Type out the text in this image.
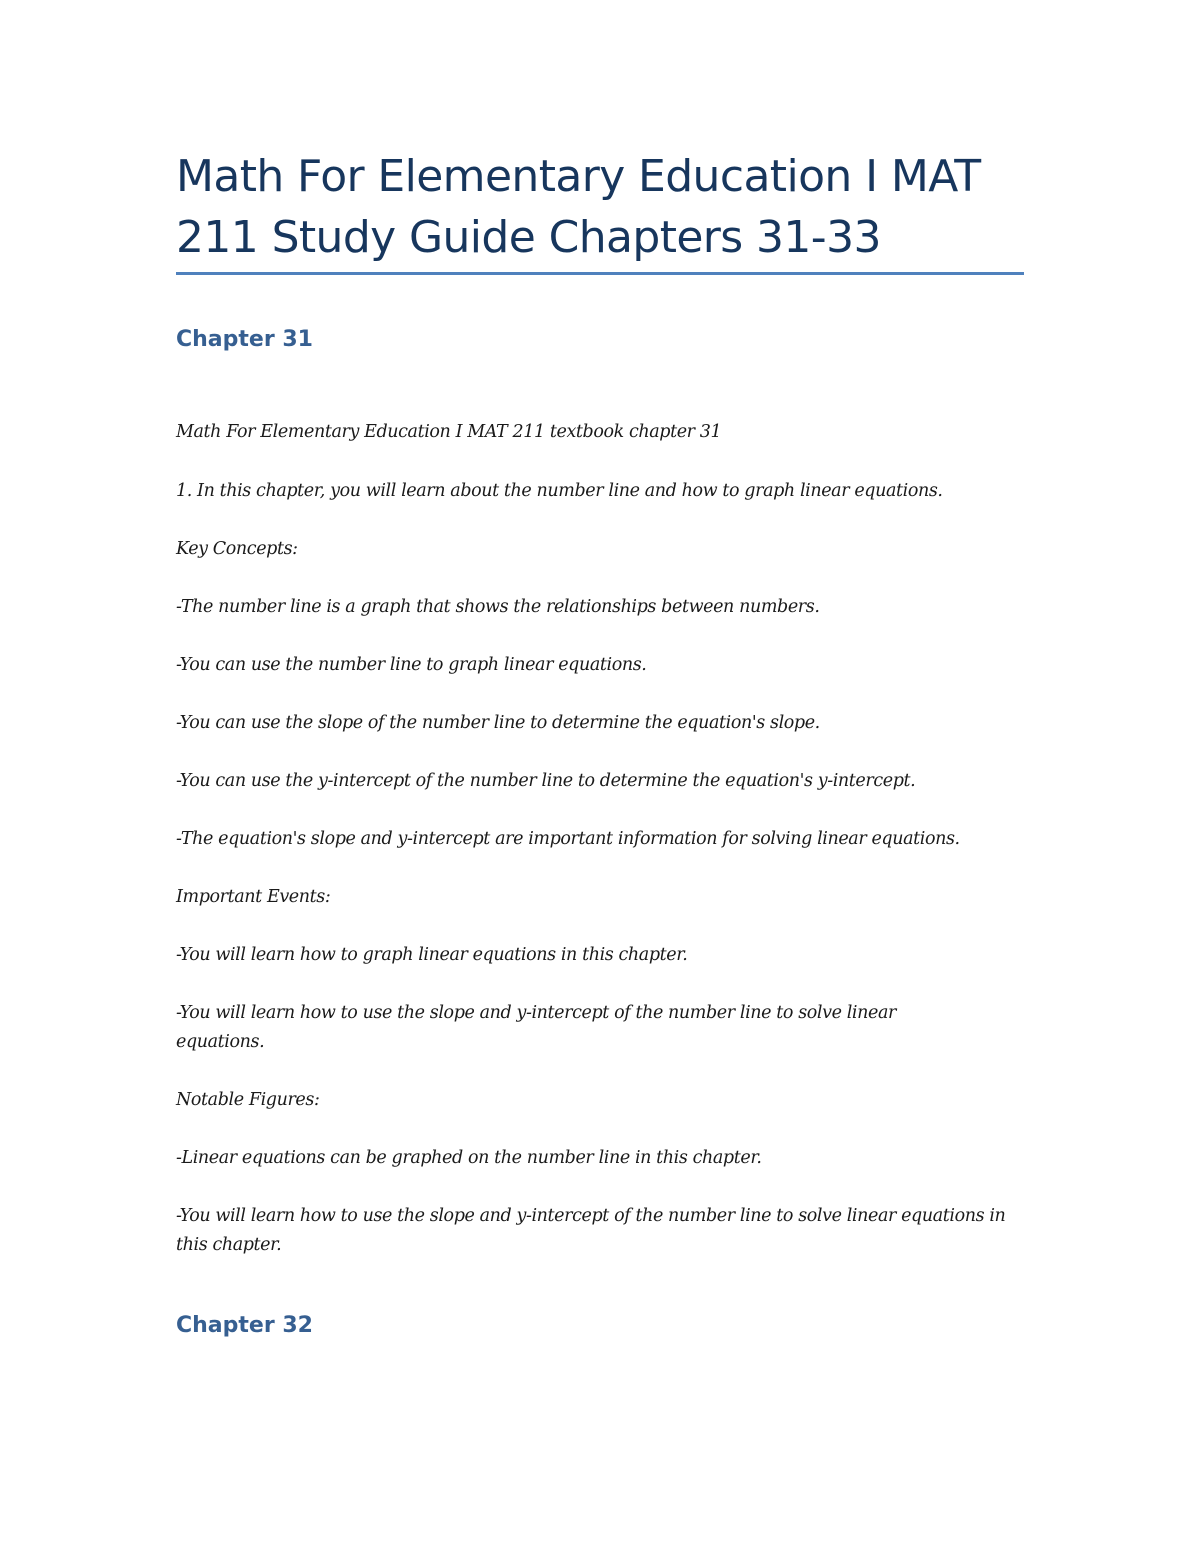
Math For Elementary Education I MAT
211 Study Guide Chapters 31-33
Chapter 31

Math For Elementary Education I MAT 211 textbook chapter 31

1. In this chapter, you will learn about the number line and how to graph linear equations.

Key Concepts:

-The number line is a graph that shows the relationships between numbers.

-You can use the number line to graph linear equations.

-You can use the slope of the number line to determine the equation's slope.

-You can use the y-intercept of the number line to determine the equation's y-intercept.

-The equation's slope and y-intercept are important information for solving linear equations.

Important Events:

-You will learn how to graph linear equations in this chapter.

-You will learn how to use the slope and y-intercept of the number line to solve linear equations.

Notable Figures:

-Linear equations can be graphed on the number line in this chapter.

-You will learn how to use the slope and y-intercept of the number line to solve linear equations in this chapter.

Chapter 32
